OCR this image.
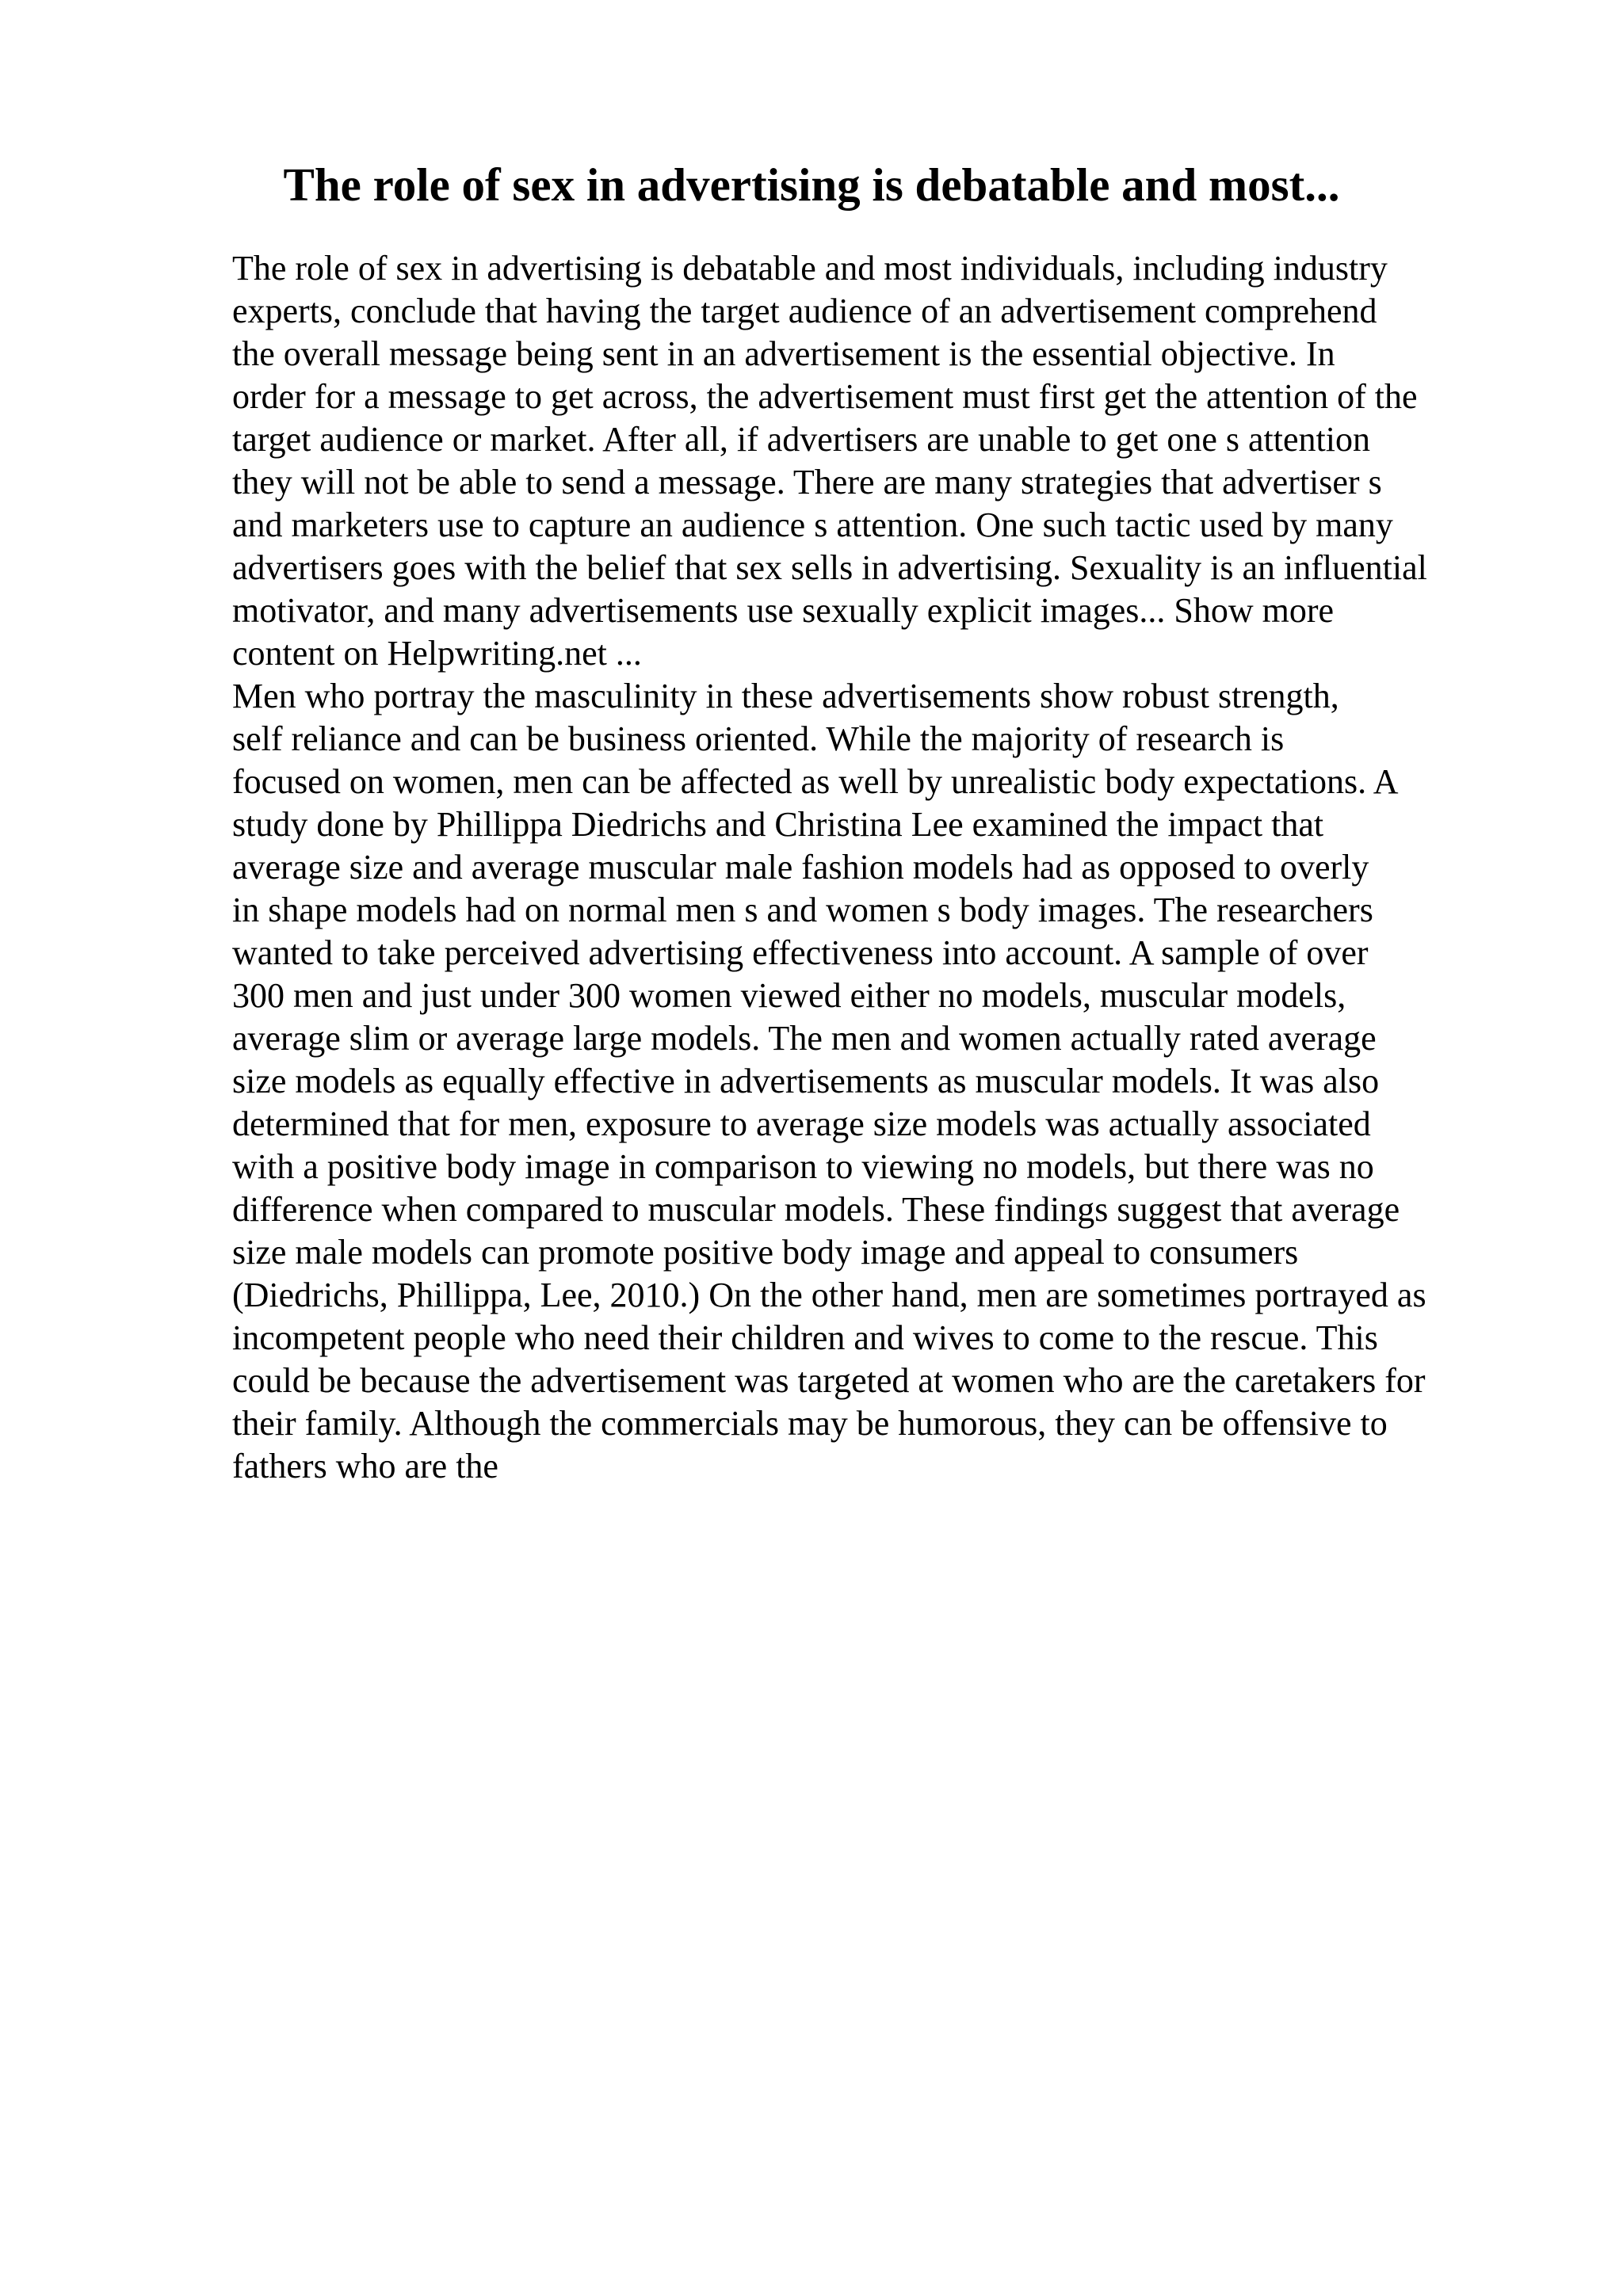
The role of sex in advertising is debatable and most...
The role of sex in advertising is debatable and most individuals, including industry
experts, conclude that having the target audience of an advertisement comprehend
the overall message being sent in an advertisement is the essential objective. In
order for a message to get across, the advertisement must first get the attention of the
target audience or market. After all, if advertisers are unable to get one s attention
they will not be able to send a message. There are many strategies that advertiser s
and marketers use to capture an audience s attention. One such tactic used by many
advertisers goes with the belief that sex sells in advertising. Sexuality is an influential
motivator, and many advertisements use sexually explicit images... Show more
content on Helpwriting.net ...
Men who portray the masculinity in these advertisements show robust strength,
self reliance and can be business oriented. While the majority of research is
focused on women, men can be affected as well by unrealistic body expectations. A
study done by Phillippa Diedrichs and Christina Lee examined the impact that
average size and average muscular male fashion models had as opposed to overly
in shape models had on normal men s and women s body images. The researchers
wanted to take perceived advertising effectiveness into account. A sample of over
300 men and just under 300 women viewed either no models, muscular models,
average slim or average large models. The men and women actually rated average
size models as equally effective in advertisements as muscular models. It was also
determined that for men, exposure to average size models was actually associated
with a positive body image in comparison to viewing no models, but there was no
difference when compared to muscular models. These findings suggest that average
size male models can promote positive body image and appeal to consumers
(Diedrichs, Phillippa, Lee, 2010.) On the other hand, men are sometimes portrayed as
incompetent people who need their children and wives to come to the rescue. This
could be because the advertisement was targeted at women who are the caretakers for
their family. Although the commercials may be humorous, they can be offensive to
fathers who are the
